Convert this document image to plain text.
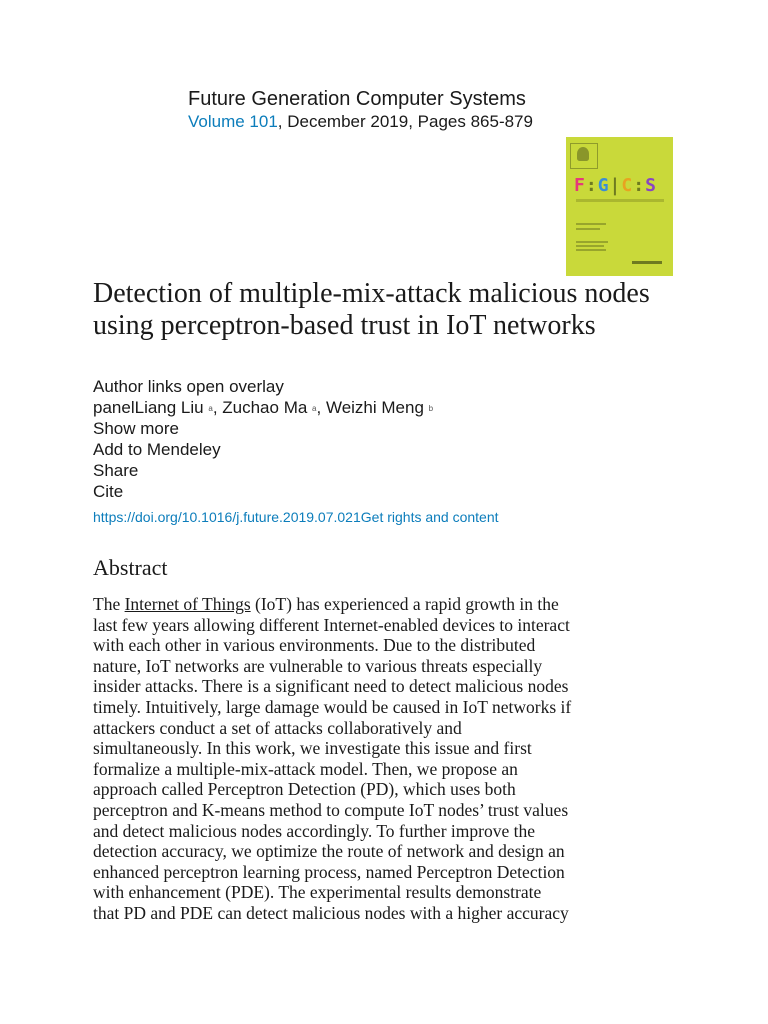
Future Generation Computer Systems
Volume 101, December 2019, Pages 865-879
F:G|C:S
Detection of multiple-mix-attack malicious nodes using perceptron-based trust in IoT networks
Author links open overlay
panelLiang Liu $^a$, Zuchao Ma $^a$, Weizhi Meng $^b$
Show more
Add to Mendeley
Share
Cite
https://doi.org/10.1016/j.future.2019.07.021Get rights and content
Abstract
The Internet of Things (IoT) has experienced a rapid growth in the
last few years allowing different Internet-enabled devices to interact
with each other in various environments. Due to the distributed
nature, IoT networks are vulnerable to various threats especially
insider attacks. There is a significant need to detect malicious nodes
timely. Intuitively, large damage would be caused in IoT networks if
attackers conduct a set of attacks collaboratively and
simultaneously. In this work, we investigate this issue and first
formalize a multiple-mix-attack model. Then, we propose an
approach called Perceptron Detection (PD), which uses both
perceptron and K-means method to compute IoT nodes’ trust values
and detect malicious nodes accordingly. To further improve the
detection accuracy, we optimize the route of network and design an
enhanced perceptron learning process, named Perceptron Detection
with enhancement (PDE). The experimental results demonstrate
that PD and PDE can detect malicious nodes with a higher accuracy
